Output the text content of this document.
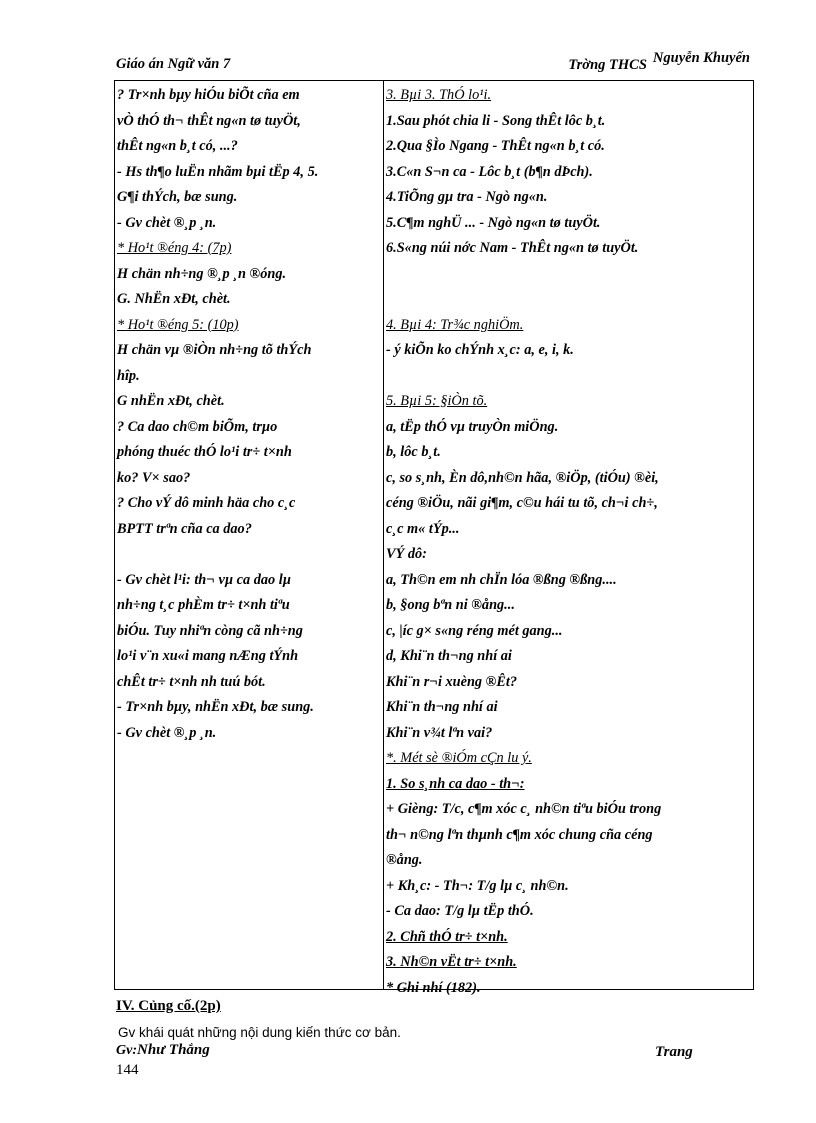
Giáo án Ngữ văn 7	Trờng THCS Nguyễn Khuyến
? Tr×nh bµy hiÓu biÕt cña em
vÒ thÓ th¬ thÊt ng«n tø tuyÖt,
thÊt ng«n b¸t có, ...?
- Hs th¶o luËn nhãm bµi tËp 4, 5.
G¶i thÝch, bæ sung.
- Gv chèt ®¸p ¸n.
* Ho¹t ®éng 4: (7p)
H chän nh÷ng ®¸p ¸n ®óng.
G. NhËn xÐt, chèt.
* Ho¹t ®éng 5: (10p)
H chän vµ ®iÒn nh÷ng tõ thÝch
hîp.
G nhËn xÐt, chèt.
? Ca dao ch©m biÕm, trµo
phóng thuéc thÓ lo¹i tr÷ t×nh
ko? V× sao?
? Cho vÝ dô minh häa cho c¸c
BPTT trªn cña ca dao?
- Gv chèt l¹i: th¬ vµ ca dao lµ
nh÷ng t¸c phÈm tr÷ t×nh tiªu
biÓu. Tuy nhiªn còng cã nh÷ng
lo¹i v¨n xu«i mang nÆng tÝnh
chÊt tr÷ t×nh nh tuú bót.
- Tr×nh bµy, nhËn xÐt, bæ sung.
- Gv chèt ®¸p ¸n.
3. Bµi 3. ThÓ lo¹i.
1.Sau phót chia li - Song thÊt lôc b¸t.
2.Qua §Ìo Ngang - ThÊt ng«n b¸t có.
3.C«n S¬n ca - Lôc b¸t (b¶n dÞch).
4.TiÕng gµ tra - Ngò ng«n.
5.C¶m nghÜ ... - Ngò ng«n tø tuyÖt.
6.S«ng núi nớc Nam - ThÊt ng«n tø tuyÖt.
4. Bµi 4: Tr¾c nghiÖm.
- ý kiÕn ko chÝnh x¸c: a, e, i, k.
5. Bµi 5: §iÒn tõ.
a, tËp thÓ vµ truyÒn miÖng.
b, lôc b¸t.
c, so s¸nh, Èn dô,nh©n hãa, ®iÖp, (tiÓu) ®èi,
céng ®iÖu, nãi gi¶m, c©u hái tu tõ, ch¬i ch÷,
c¸c m« tÝp...
VÝ dô:
a, Th©n em nh chÏn lóa ®ßng ®ßng....
b, §ong bªn ni ®ång...
c, |íc g× s«ng réng mét gang...
d, Khi¨n th¬ng nhí ai
Khi¨n r¬i xuèng ®Êt?
Khi¨n th¬ng nhí ai
Khi¨n v¾t lªn vai?
*. Mét sè ®iÓm cÇn lu ý.
1. So s¸nh ca dao - th¬:
+ Gièng: T/c, c¶m xóc c¸ nh©n tiªu biÓu trong
th¬ n©ng lªn thµnh c¶m xóc chung cña céng
®ång.
+ Kh¸c: - Th¬: T/g lµ c¸ nh©n.
- Ca dao: T/g lµ tËp thÓ.
2. Chñ thÓ tr÷ t×nh.
3. Nh©n vËt tr÷ t×nh.
* Ghi nhí (182).
IV. Củng cố.(2p)
Gv khái quát những nội dung kiến thức cơ bản.
Gv:Như Thắng	Trang
144
